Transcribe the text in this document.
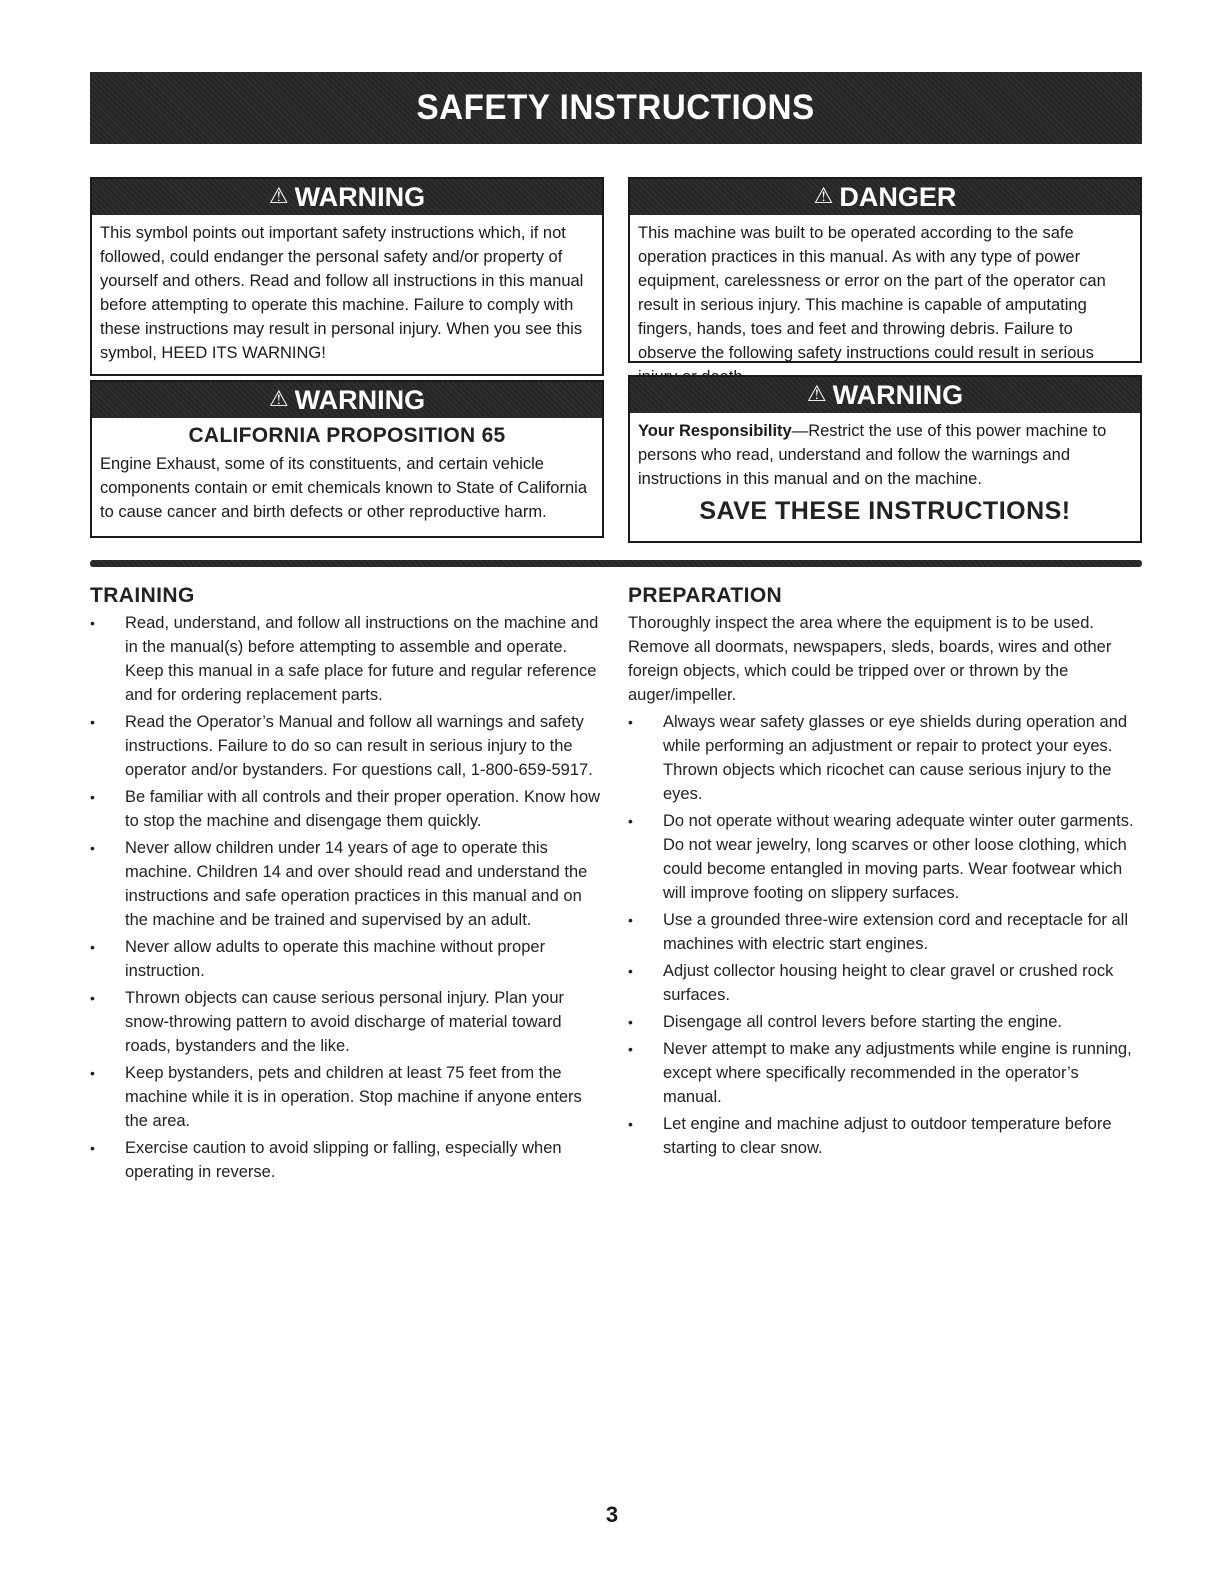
SAFETY INSTRUCTIONS
⚠ WARNING
This symbol points out important safety instructions which, if not followed, could endanger the personal safety and/or property of yourself and others. Read and follow all instructions in this manual before attempting to operate this machine. Failure to comply with these instructions may result in personal injury. When you see this symbol, HEED ITS WARNING!
⚠ DANGER
This machine was built to be operated according to the safe operation practices in this manual. As with any type of power equipment, carelessness or error on the part of the operator can result in serious injury. This machine is capable of amputating fingers, hands, toes and feet and throwing debris. Failure to observe the following safety instructions could result in serious
⚠ WARNING
CALIFORNIA PROPOSITION 65
Engine Exhaust, some of its constituents, and certain vehicle components contain or emit chemicals known to State of California to cause cancer and birth defects or other reproductive harm.
⚠ WARNING
Your Responsibility—Restrict the use of this power machine to persons who read, understand and follow the warnings and instructions in this manual and on the machine.
SAVE THESE INSTRUCTIONS!
TRAINING
• Read, understand, and follow all instructions on the machine and in the manual(s) before attempting to assemble and operate. Keep this manual in a safe place for future and regular reference and for ordering replacement parts.
• Read the Operator’s Manual and follow all warnings and safety instructions. Failure to do so can result in serious injury to the operator and/or bystanders. For questions call, 1-800-659-5917.
• Be familiar with all controls and their proper operation. Know how to stop the machine and disengage them quickly.
• Never allow children under 14 years of age to operate this machine. Children 14 and over should read and understand the instructions and safe operation practices in this manual and on the machine and be trained and supervised by an adult.
• Never allow adults to operate this machine without proper instruction.
• Thrown objects can cause serious personal injury. Plan your snow-throwing pattern to avoid discharge of material toward roads, bystanders and the like.
• Keep bystanders, pets and children at least 75 feet from the machine while it is in operation. Stop machine if anyone enters the area.
• Exercise caution to avoid slipping or falling, especially when operating in reverse.
PREPARATION

Thoroughly inspect the area where the equipment is to be used. Remove all doormats, newspapers, sleds, boards, wires and other foreign objects, which could be tripped over or thrown by the auger/impeller.

• Always wear safety glasses or eye shields during operation and while performing an adjustment or repair to protect your eyes. Thrown objects which ricochet can cause serious injury to the eyes.
• Do not operate without wearing adequate winter outer garments. Do not wear jewelry, long scarves or other loose clothing, which could become entangled in moving parts. Wear footwear which will improve footing on slippery surfaces.
• Use a grounded three-wire extension cord and receptacle for all machines with electric start engines.
• Adjust collector housing height to clear gravel or crushed rock surfaces.
• Disengage all control levers before starting the engine.
• Never attempt to make any adjustments while engine is running, except where specifically recommended in the operator’s manual.
• Let engine and machine adjust to outdoor temperature before starting to clear snow.
3
